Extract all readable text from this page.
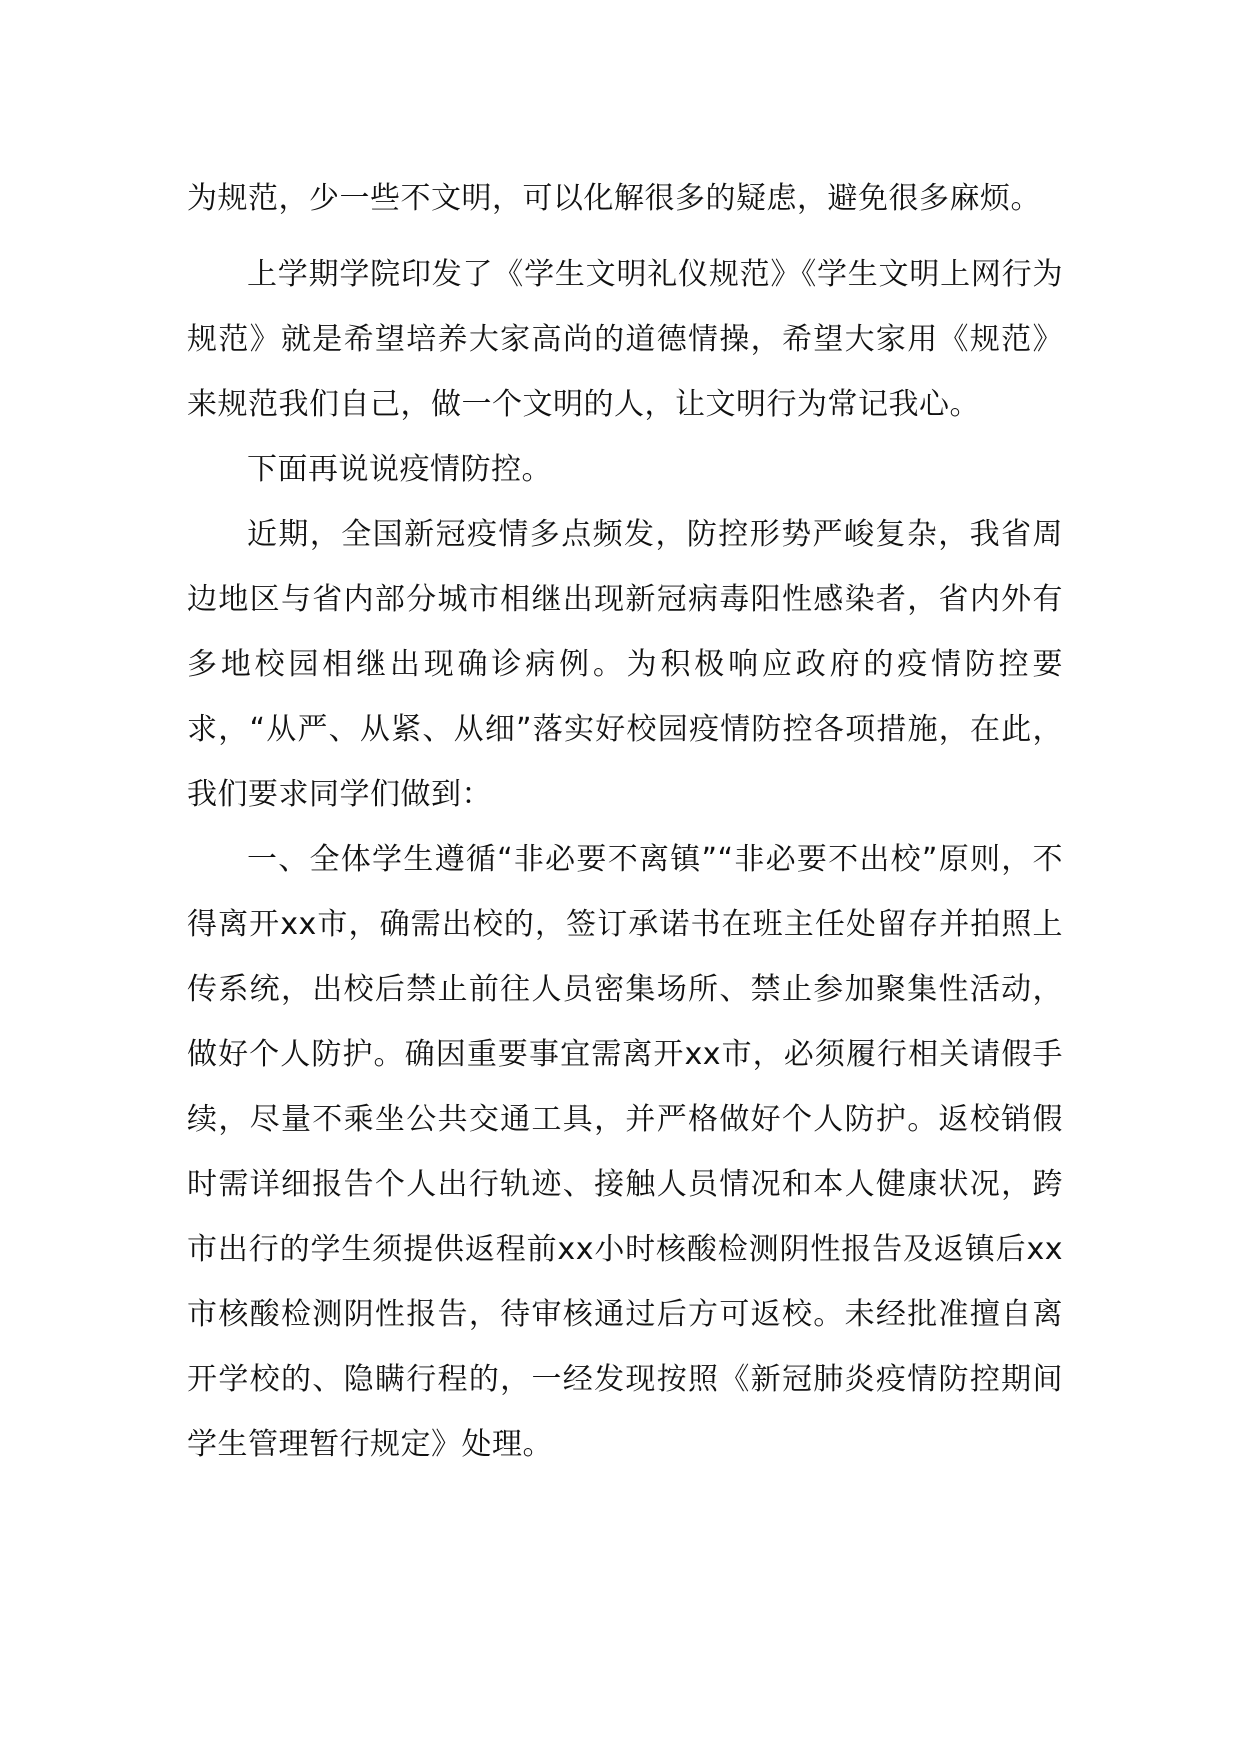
为规范，少一些不文明，可以化解很多的疑虑，避免很多麻烦。

上学期学院印发了《学生文明礼仪规范》《学生文明上网行为规范》就是希望培养大家高尚的道德情操，希望大家用《规范》来规范我们自己，做一个文明的人，让文明行为常记我心。

下面再说说疫情防控。

近期，全国新冠疫情多点频发，防控形势严峻复杂，我省周边地区与省内部分城市相继出现新冠病毒阳性感染者，省内外有多地校园相继出现确诊病例。为积极响应政府的疫情防控要求，“从严、从紧、从细”落实好校园疫情防控各项措施，在此，我们要求同学们做到：

一、全体学生遵循“非必要不离镇”“非必要不出校”原则，不得离开xx市，确需出校的，签订承诺书在班主任处留存并拍照上传系统，出校后禁止前往人员密集场所、禁止参加聚集性活动，做好个人防护。确因重要事宜需离开xx市，必须履行相关请假手续，尽量不乘坐公共交通工具，并严格做好个人防护。返校销假时需详细报告个人出行轨迹、接触人员情况和本人健康状况，跨市出行的学生须提供返程前xx小时核酸检测阴性报告及返镇后xx市核酸检测阴性报告，待审核通过后方可返校。未经批准擅自离开学校的、隐瞒行程的，一经发现按照《新冠肺炎疫情防控期间学生管理暂行规定》处理。
